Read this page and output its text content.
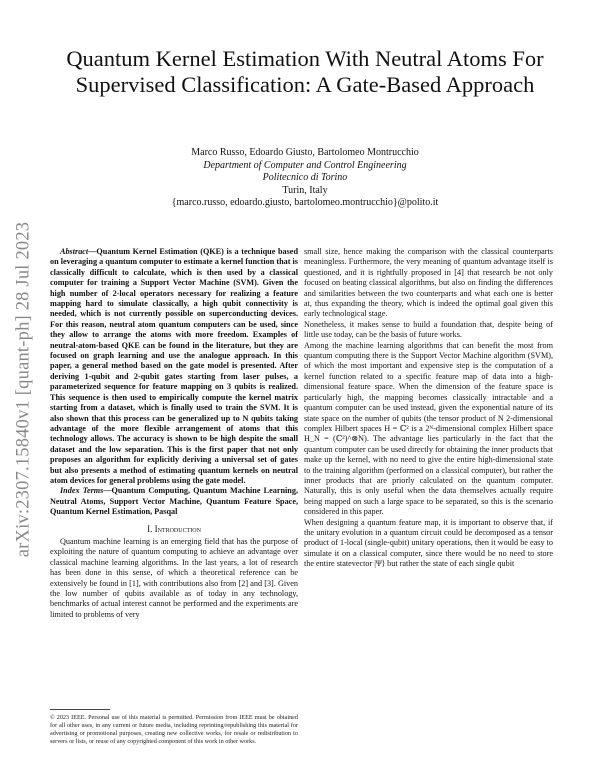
arXiv:2307.15840v1 [quant-ph] 28 Jul 2023
Quantum Kernel Estimation With Neutral Atoms For Supervised Classification: A Gate-Based Approach
Marco Russo, Edoardo Giusto, Bartolomeo Montrucchio
Department of Computer and Control Engineering
Politecnico di Torino
Turin, Italy
{marco.russo, edoardo.giusto, bartolomeo.montrucchio}@polito.it

Abstract—Quantum Kernel Estimation (QKE) is a technique based on leveraging a quantum computer to estimate a kernel function that is classically difficult to calculate, which is then used by a classical computer for training a Support Vector Machine (SVM). Given the high number of 2-local operators necessary for realizing a feature mapping hard to simulate classically, a high qubit connectivity is needed, which is not currently possible on superconducting devices. For this reason, neutral atom quantum computers can be used, since they allow to arrange the atoms with more freedom. Examples of neutral-atom-based QKE can be found in the literature, but they are focused on graph learning and use the analogue approach. In this paper, a general method based on the gate model is presented. After deriving 1-qubit and 2-qubit gates starting from laser pulses, a parameterized sequence for feature mapping on 3 qubits is realized. This sequence is then used to empirically compute the kernel matrix starting from a dataset, which is finally used to train the SVM. It is also shown that this process can be generalized up to N qubits taking advantage of the more flexible arrangement of atoms that this technology allows. The accuracy is shown to be high despite the small dataset and the low separation. This is the first paper that not only proposes an algorithm for explicitly deriving a universal set of gates but also presents a method of estimating quantum kernels on neutral atom devices for general problems using the gate model.

Index Terms—Quantum Computing, Quantum Machine Learning, Neutral Atoms, Support Vector Machine, Quantum Feature Space, Quantum Kernel Estimation, Pasqal

I. Introduction

Quantum machine learning is an emerging field that has the purpose of exploiting the nature of quantum computing to achieve an advantage over classical machine learning algorithms. In the last years, a lot of research has been done in this sense, of which a theoretical reference can be extensively be found in [1], with contributions also from [2] and [3]. Given the low number of qubits available as of today in any technology, benchmarks of actual interest cannot be performed and the experiments are limited to problems of very

small size, hence making the comparison with the classical counterparts meaningless. Furthermore, the very meaning of quantum advantage itself is questioned, and it is rightfully proposed in [4] that research be not only focused on beating classical algorithms, but also on finding the differences and similarities between the two counterparts and what each one is better at, thus expanding the theory, which is indeed the optimal goal given this early technological stage.

Nonetheless, it makes sense to build a foundation that, despite being of little use today, can be the basis of future works.

Among the machine learning algorithms that can benefit the most from quantum computing there is the Support Vector Machine algorithm (SVM), of which the most important and expensive step is the computation of a kernel function related to a specific feature map of data into a high-dimensional feature space. When the dimension of the feature space is particularly high, the mapping becomes classically intractable and a quantum computer can be used instead, given the exponential nature of its state space on the number of qubits (the tensor product of N 2-dimensional complex Hilbert spaces H = ℂ² is a 2ᴺ-dimensional complex Hilbert space H_N = (ℂ²)^⊗N). The advantage lies particularly in the fact that the quantum computer can be used directly for obtaining the inner products that make up the kernel, with no need to give the entire high-dimensional state to the training algorithm (performed on a classical computer), but rather the inner products that are priorly calculated on the quantum computer. Naturally, this is only useful when the data themselves actually require being mapped on such a large space to be separated, so this is the scenario considered in this paper.

When designing a quantum feature map, it is important to observe that, if the unitary evolution in a quantum circuit could be decomposed as a tensor product of 1-local (single-qubit) unitary operations, then it would be easy to simulate it on a classical computer, since there would be no need to store the entire statevector |Ψ⟩ but rather the state of each single qubit

© 2023 IEEE. Personal use of this material is permitted. Permission from IEEE must be obtained for all other uses, in any current or future media, including reprinting/republishing this material for advertising or promotional purposes, creating new collective works, for resale or redistribution to servers or lists, or reuse of any copyrighted component of this work in other works.
